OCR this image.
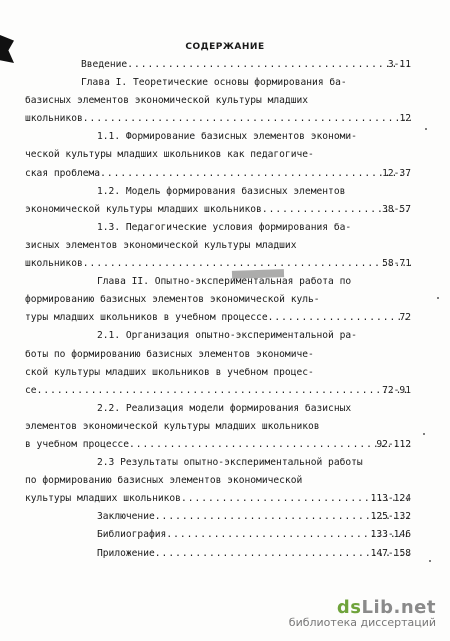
СОДЕРЖАНИЕ
Введение	3-11
.....
Глава I. Теоретические основы формирования ба-
базисных элементов экономической культуры младших
школьников	12
.....
1.1. Формирование базисных элементов экономи-
ческой культуры младших школьников как педагогиче-
ская проблема	12-37
.....
1.2. Модель формирования базисных элементов
экономической культуры младших школьников	38-57
.....
1.3. Педагогические условия формирования ба-
зисных элементов экономической культуры младших
школьников	58-71
.....
Глава II. Опытно-экспериментальная работа по
формированию базисных элементов экономической куль-
туры младших школьников в учебном процессе	72
.....
2.1. Организация опытно-экспериментальной ра-
боты по формированию базисных элементов экономиче-
ской культуры младших школьников в учебном процес-
се	72-91
.....
2.2. Реализация модели формирования базисных
элементов экономической культуры младших школьников
в учебном процессе	92-112
.....
2.3 Результаты опытно-экспериментальной работы
по формированию базисных элементов экономической
культуры младших школьников	113-124
.....
Заключение	125-132
.....
Библиография	133-146
.....
Приложение	147-158
.....
dsLib.net
библиотека диссертаций
